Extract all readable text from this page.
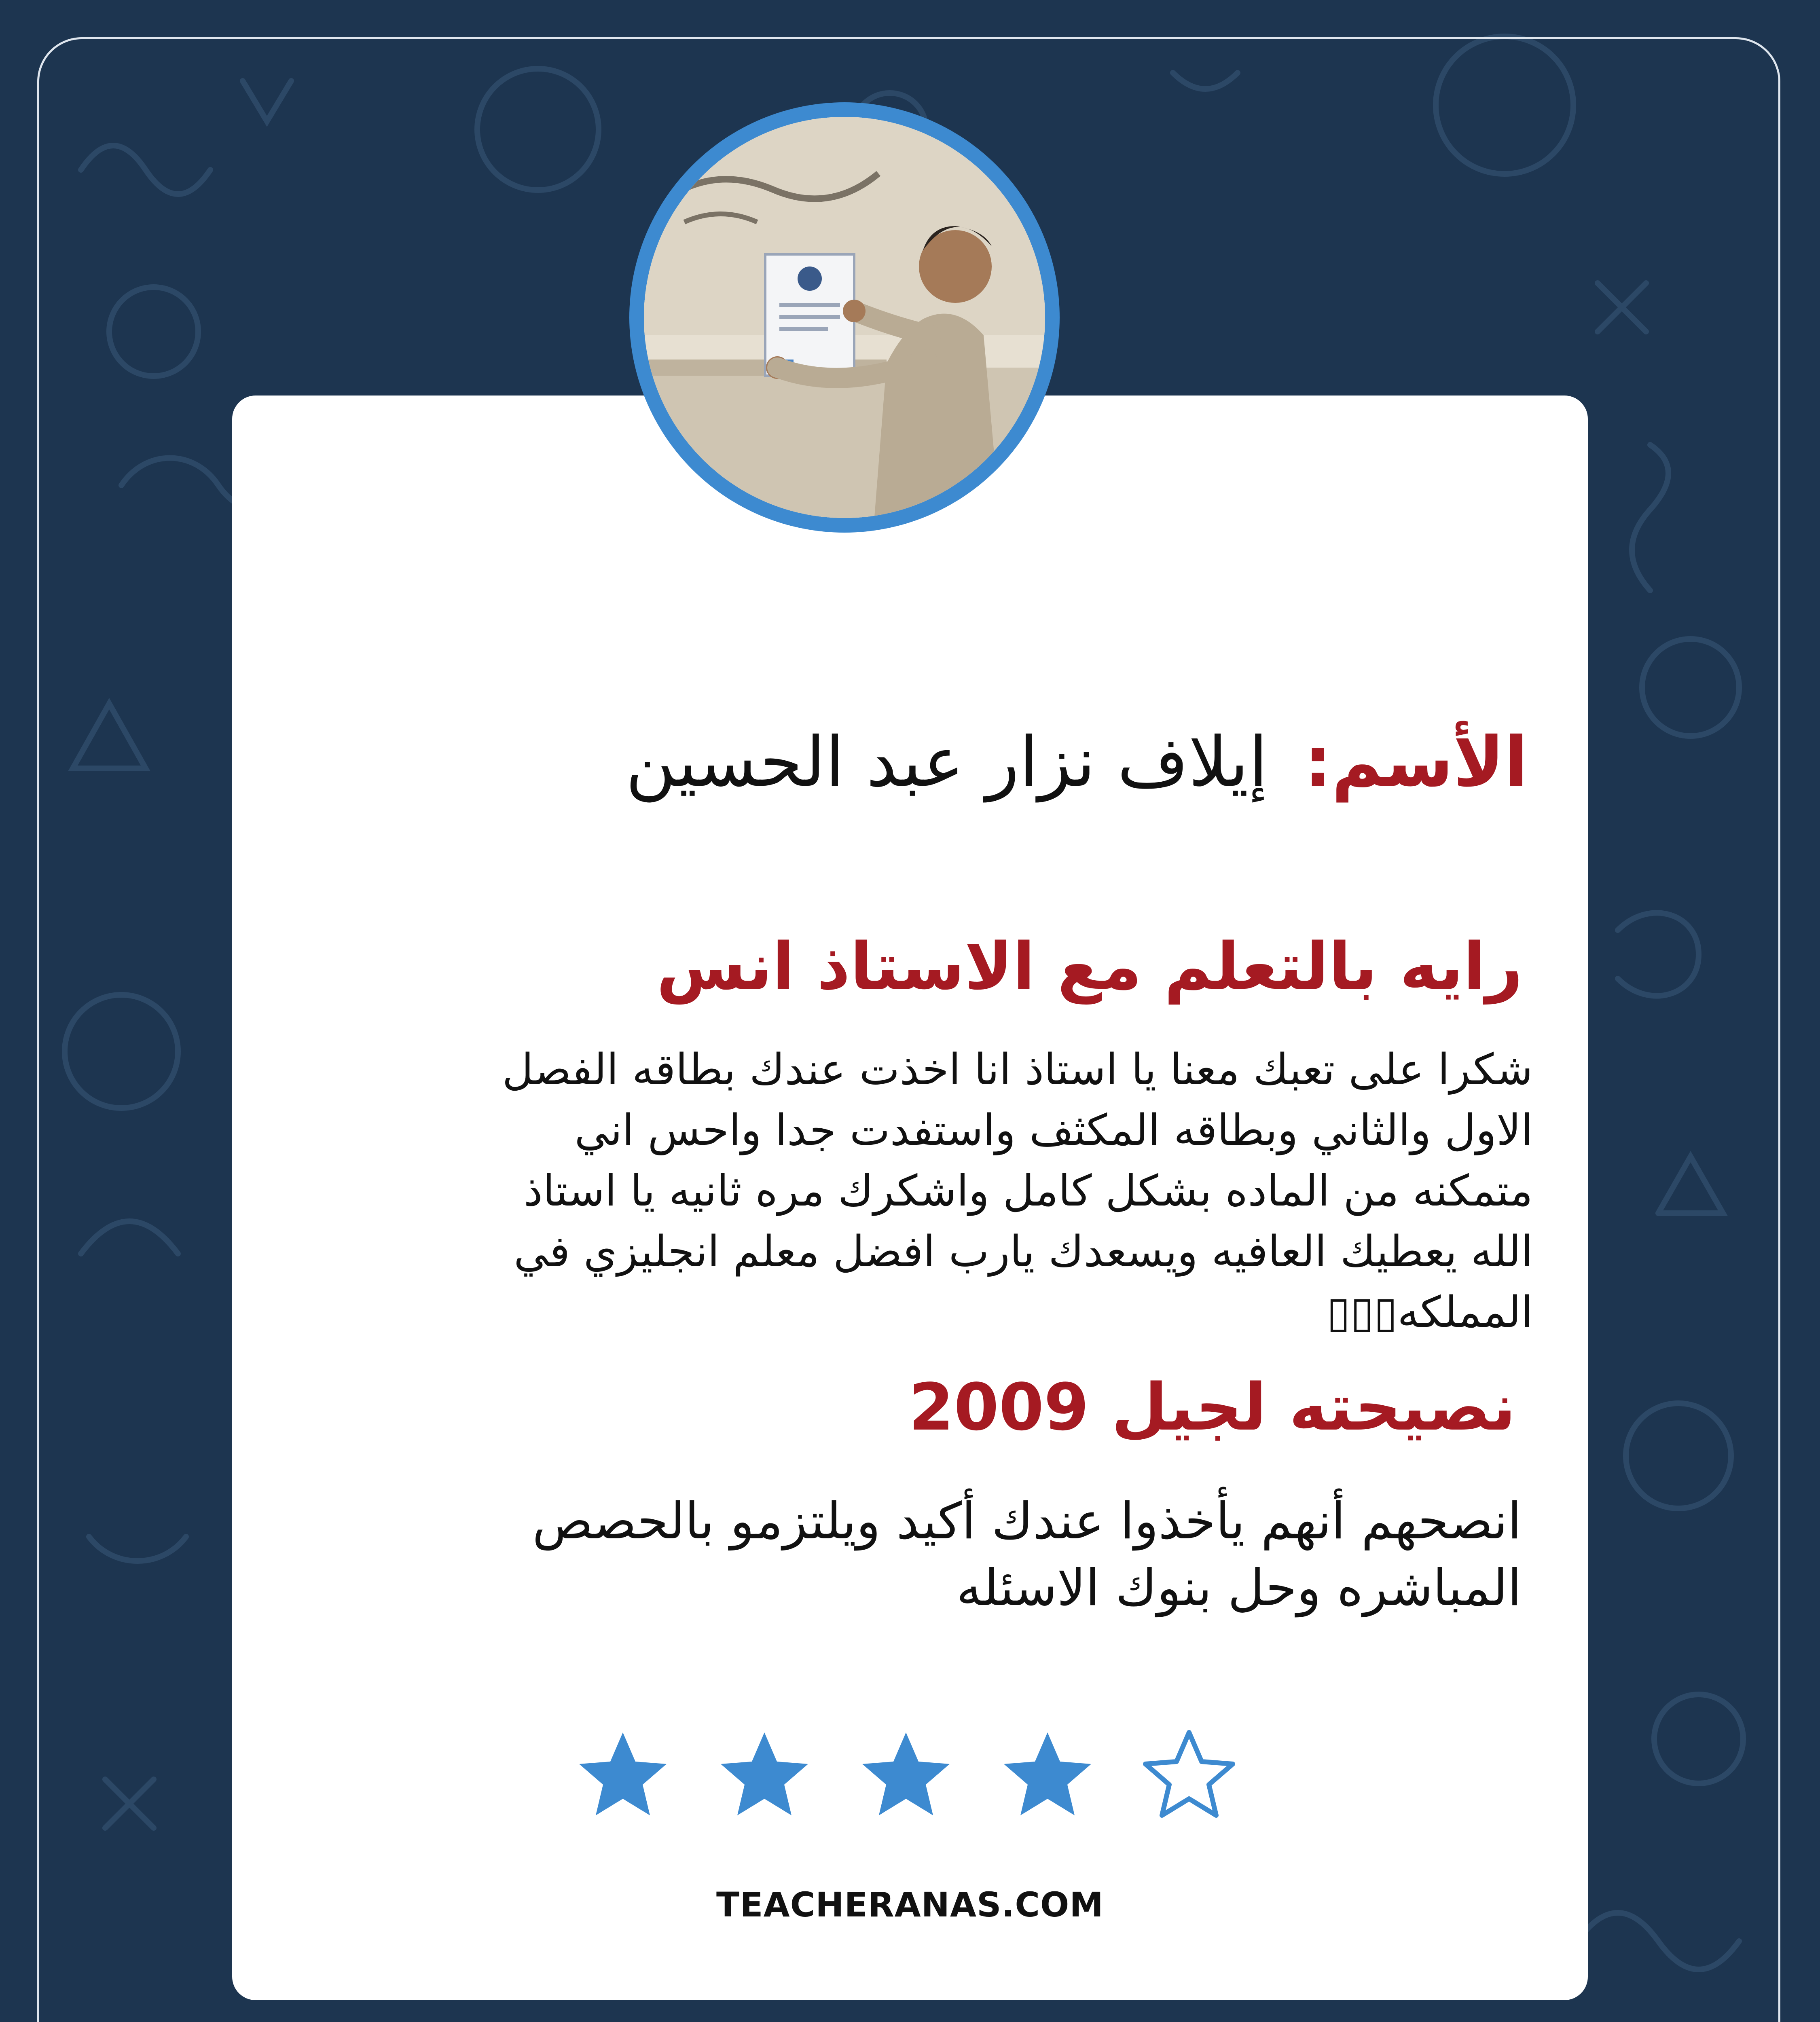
الأسم: إيلاف نزار عبد الحسين
رايه بالتعلم مع الاستاذ انس
شكرا على تعبك معنا يا استاذ انا اخذت عندك بطاقه الفصل الاول والثاني وبطاقه المكثف واستفدت جدا واحس اني متمكنه من الماده بشكل كامل واشكرك مره ثانيه يا استاذ الله يعطيك العافيه ويسعدك يارب افضل معلم انجليزي في المملكه▯▯▯
نصيحته لجيل 2009
انصحهم أنهم يأخذوا عندك أكيد ويلتزمو بالحصص المباشره وحل بنوك الاسئله
TEACHERANAS.COM
